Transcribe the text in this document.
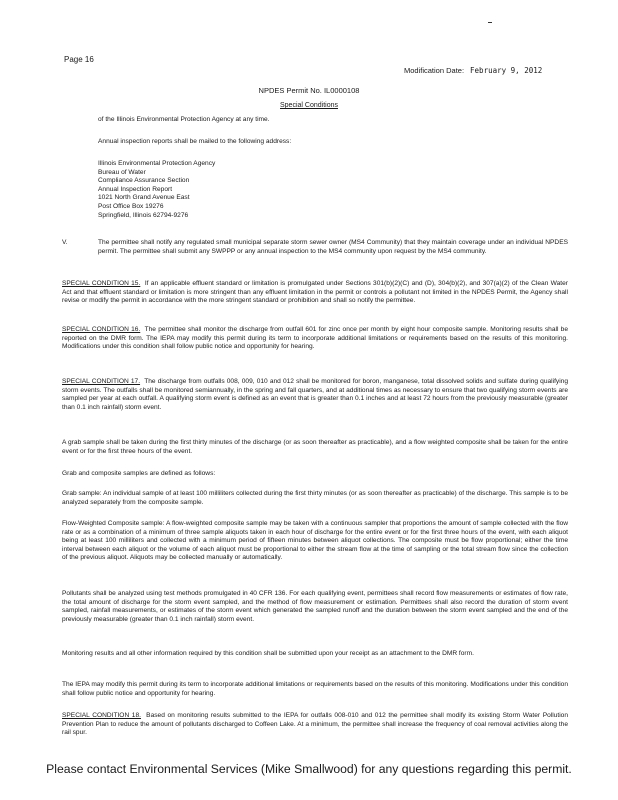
Page 16
Modification Date: February 9, 2012
NPDES Permit No. IL0000108
Special Conditions
of the Illinois Environmental Protection Agency at any time.
Annual inspection reports shall be mailed to the following address:
Illinois Environmental Protection Agency
Bureau of Water
Compliance Assurance Section
Annual Inspection Report
1021 North Grand Avenue East
Post Office Box 19276
Springfield, Illinois 62794-9276
V.	The permittee shall notify any regulated small municipal separate storm sewer owner (MS4 Community) that they maintain coverage under an individual NPDES permit. The permittee shall submit any SWPPP or any annual inspection to the MS4 community upon request by the MS4 community.
SPECIAL CONDITION 15. If an applicable effluent standard or limitation is promulgated under Sections 301(b)(2)(C) and (D), 304(b)(2), and 307(a)(2) of the Clean Water Act and that effluent standard or limitation is more stringent than any effluent limitation in the permit or controls a pollutant not limited in the NPDES Permit, the Agency shall revise or modify the permit in accordance with the more stringent standard or prohibition and shall so notify the permittee.
SPECIAL CONDITION 16. The permittee shall monitor the discharge from outfall 601 for zinc once per month by eight hour composite sample. Monitoring results shall be reported on the DMR form. The IEPA may modify this permit during its term to incorporate additional limitations or requirements based on the results of this monitoring. Modifications under this condition shall follow public notice and opportunity for hearing.
SPECIAL CONDITION 17. The discharge from outfalls 008, 009, 010 and 012 shall be monitored for boron, manganese, total dissolved solids and sulfate during qualifying storm events. The outfalls shall be monitored semiannually, in the spring and fall quarters, and at additional times as necessary to ensure that two qualifying storm events are sampled per year at each outfall. A qualifying storm event is defined as an event that is greater than 0.1 inches and at least 72 hours from the previously measurable (greater than 0.1 inch rainfall) storm event.
A grab sample shall be taken during the first thirty minutes of the discharge (or as soon thereafter as practicable), and a flow weighted composite shall be taken for the entire event or for the first three hours of the event.
Grab and composite samples are defined as follows:
Grab sample: An individual sample of at least 100 milliliters collected during the first thirty minutes (or as soon thereafter as practicable) of the discharge. This sample is to be analyzed separately from the composite sample.
Flow-Weighted Composite sample: A flow-weighted composite sample may be taken with a continuous sampler that proportions the amount of sample collected with the flow rate or as a combination of a minimum of three sample aliquots taken in each hour of discharge for the entire event or for the first three hours of the event, with each aliquot being at least 100 milliliters and collected with a minimum period of fifteen minutes between aliquot collections. The composite must be flow proportional; either the time interval between each aliquot or the volume of each aliquot must be proportional to either the stream flow at the time of sampling or the total stream flow since the collection of the previous aliquot. Aliquots may be collected manually or automatically.
Pollutants shall be analyzed using test methods promulgated in 40 CFR 136. For each qualifying event, permittees shall record flow measurements or estimates of flow rate, the total amount of discharge for the storm event sampled, and the method of flow measurement or estimation. Permittees shall also record the duration of storm event sampled, rainfall measurements, or estimates of the storm event which generated the sampled runoff and the duration between the storm event sampled and the end of the previously measurable (greater than 0.1 inch rainfall) storm event.
Monitoring results and all other information required by this condition shall be submitted upon your receipt as an attachment to the DMR form.
The IEPA may modify this permit during its term to incorporate additional limitations or requirements based on the results of this monitoring. Modifications under this condition shall follow public notice and opportunity for hearing.
SPECIAL CONDITION 18. Based on monitoring results submitted to the IEPA for outfalls 008-010 and 012 the permittee shall modify its existing Storm Water Pollution Prevention Plan to reduce the amount of pollutants discharged to Coffeen Lake. At a minimum, the permittee shall increase the frequency of coal removal activities along the rail spur.
Please contact Environmental Services (Mike Smallwood) for any questions regarding this permit.
